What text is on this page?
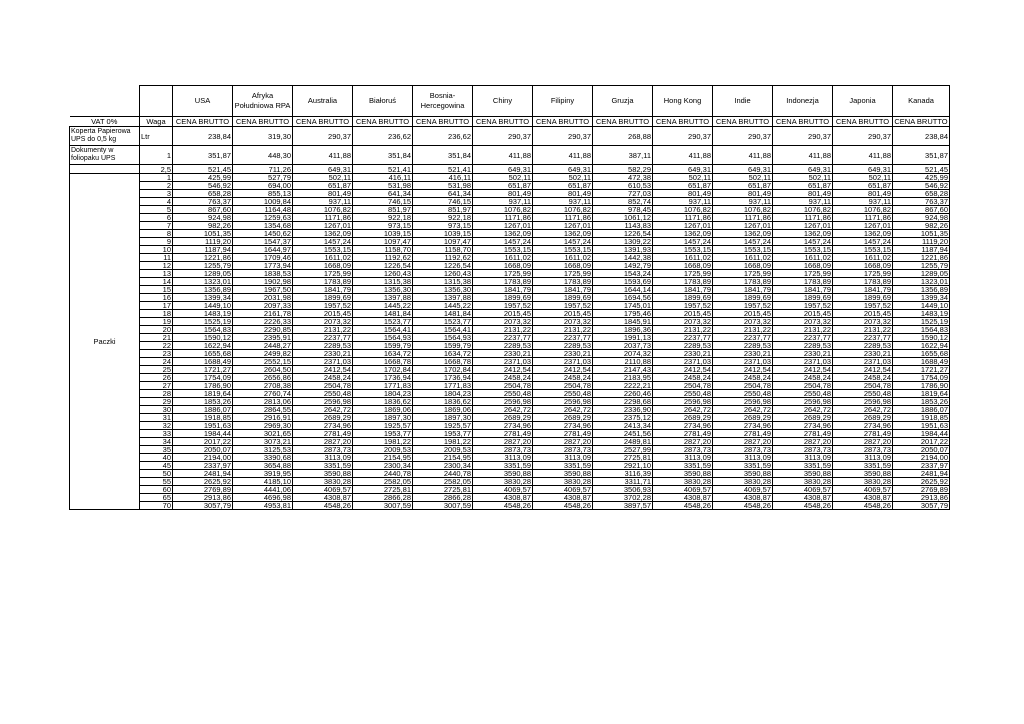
		USA	Afryka Południowa RPA	Australia	Białoruś	Bosnia-Hercegowina	Chiny	Filipiny	Gruzja	Hong Kong	Indie	Indonezja	Japonia	Kanada
VAT 0%	Waga	CENA BRUTTO	CENA BRUTTO	CENA BRUTTO	CENA BRUTTO	CENA BRUTTO	CENA BRUTTO	CENA BRUTTO	CENA BRUTTO	CENA BRUTTO	CENA BRUTTO	CENA BRUTTO	CENA BRUTTO	CENA BRUTTO
Koperta Papierowa UPS do 0,5 kg	Ltr	238,84	319,30	290,37	236,62	236,62	290,37	290,37	268,88	290,37	290,37	290,37	290,37	238,84
Dokumenty w foliopaku UPS	1	351,87	448,30	411,88	351,84	351,84	411,88	411,88	387,11	411,88	411,88	411,88	411,88	351,87
	2,5	521,45	711,26	649,31	521,41	521,41	649,31	649,31	582,29	649,31	649,31	649,31	649,31	521,45
Paczki	1	425,99	527,79	502,11	416,11	416,11	502,11	502,11	472,38	502,11	502,11	502,11	502,11	425,99
	2	546,92	694,00	651,87	531,98	531,98	651,87	651,87	610,53	651,87	651,87	651,87	651,87	546,92
	3	658,28	855,13	801,49	641,34	641,34	801,49	801,49	727,03	801,49	801,49	801,49	801,49	658,28
	4	763,37	1009,84	937,11	746,15	746,15	937,11	937,11	852,74	937,11	937,11	937,11	937,11	763,37
	5	867,60	1164,48	1076,82	851,97	851,97	1076,82	1076,82	978,45	1076,82	1076,82	1076,82	1076,82	867,60
	6	924,98	1259,63	1171,86	922,18	922,18	1171,86	1171,86	1061,12	1171,86	1171,86	1171,86	1171,86	924,98
	7	982,26	1354,68	1267,01	973,15	973,15	1267,01	1267,01	1143,83	1267,01	1267,01	1267,01	1267,01	982,26
	8	1051,35	1450,62	1362,09	1039,15	1039,15	1362,09	1362,09	1226,54	1362,09	1362,09	1362,09	1362,09	1051,35
	9	1119,20	1547,37	1457,24	1097,47	1097,47	1457,24	1457,24	1309,22	1457,24	1457,24	1457,24	1457,24	1119,20
	10	1187,94	1644,97	1553,15	1158,70	1158,70	1553,15	1553,15	1391,93	1553,15	1553,15	1553,15	1553,15	1187,94
	11	1221,86	1709,46	1611,02	1192,62	1192,62	1611,02	1611,02	1442,38	1611,02	1611,02	1611,02	1611,02	1221,86
	12	1255,79	1773,94	1668,09	1226,54	1226,54	1668,09	1668,09	1492,79	1668,09	1668,09	1668,09	1668,09	1255,79
	13	1289,05	1838,53	1725,99	1260,43	1260,43	1725,99	1725,99	1543,24	1725,99	1725,99	1725,99	1725,99	1289,05
	14	1323,01	1902,98	1783,89	1315,38	1315,38	1783,89	1783,89	1593,69	1783,89	1783,89	1783,89	1783,89	1323,01
	15	1356,89	1967,50	1841,79	1356,30	1356,30	1841,79	1841,79	1644,14	1841,79	1841,79	1841,79	1841,79	1356,89
	16	1399,34	2031,98	1899,69	1397,88	1397,88	1899,69	1899,69	1694,56	1899,69	1899,69	1899,69	1899,69	1399,34
	17	1449,10	2097,33	1957,52	1445,22	1445,22	1957,52	1957,52	1745,01	1957,52	1957,52	1957,52	1957,52	1449,10
	18	1483,19	2161,78	2015,45	1481,84	1481,84	2015,45	2015,45	1795,46	2015,45	2015,45	2015,45	2015,45	1483,19
	19	1525,19	2226,33	2073,32	1523,77	1523,77	2073,32	2073,32	1845,91	2073,32	2073,32	2073,32	2073,32	1525,19
	20	1564,83	2290,85	2131,22	1564,41	1564,41	2131,22	2131,22	1896,36	2131,22	2131,22	2131,22	2131,22	1564,83
	21	1590,12	2395,91	2237,77	1564,93	1564,93	2237,77	2237,77	1991,13	2237,77	2237,77	2237,77	2237,77	1590,12
	22	1622,94	2448,27	2289,53	1599,79	1599,79	2289,53	2289,53	2037,73	2289,53	2289,53	2289,53	2289,53	1622,94
	23	1655,68	2499,82	2330,21	1634,72	1634,72	2330,21	2330,21	2074,32	2330,21	2330,21	2330,21	2330,21	1655,68
	24	1688,49	2552,15	2371,03	1668,78	1668,78	2371,03	2371,03	2110,88	2371,03	2371,03	2371,03	2371,03	1688,49
	25	1721,27	2604,50	2412,54	1702,84	1702,84	2412,54	2412,54	2147,43	2412,54	2412,54	2412,54	2412,54	1721,27
	26	1754,09	2656,86	2458,24	1736,94	1736,94	2458,24	2458,24	2183,95	2458,24	2458,24	2458,24	2458,24	1754,09
	27	1786,90	2708,38	2504,78	1771,83	1771,83	2504,78	2504,78	2222,21	2504,78	2504,78	2504,78	2504,78	1786,90
	28	1819,64	2760,74	2550,48	1804,23	1804,23	2550,48	2550,48	2260,46	2550,48	2550,48	2550,48	2550,48	1819,64
	29	1853,26	2813,06	2596,98	1836,62	1836,62	2596,98	2596,98	2298,68	2596,98	2596,98	2596,98	2596,98	1853,26
	30	1886,07	2864,55	2642,72	1869,06	1869,06	2642,72	2642,72	2336,90	2642,72	2642,72	2642,72	2642,72	1886,07
	31	1918,85	2916,91	2689,29	1897,30	1897,30	2689,29	2689,29	2375,12	2689,29	2689,29	2689,29	2689,29	1918,85
	32	1951,63	2969,30	2734,96	1925,57	1925,57	2734,96	2734,96	2413,34	2734,96	2734,96	2734,96	2734,96	1951,63
	33	1984,44	3021,65	2781,49	1953,77	1953,77	2781,49	2781,49	2451,56	2781,49	2781,49	2781,49	2781,49	1984,44
	34	2017,22	3073,21	2827,20	1981,22	1981,22	2827,20	2827,20	2489,81	2827,20	2827,20	2827,20	2827,20	2017,22
	35	2050,07	3125,53	2873,73	2009,53	2009,53	2873,73	2873,73	2527,99	2873,73	2873,73	2873,73	2873,73	2050,07
	40	2194,00	3390,68	3113,09	2154,95	2154,95	3113,09	3113,09	2725,81	3113,09	3113,09	3113,09	3113,09	2194,00
	45	2337,97	3654,88	3351,59	2300,34	2300,34	3351,59	3351,59	2921,10	3351,59	3351,59	3351,59	3351,59	2337,97
	50	2481,94	3919,95	3590,88	2440,78	2440,78	3590,88	3590,88	3116,39	3590,88	3590,88	3590,88	3590,88	2481,94
	55	2625,92	4185,10	3830,28	2582,05	2582,05	3830,28	3830,28	3311,71	3830,28	3830,28	3830,28	3830,28	2625,92
	60	2769,89	4441,06	4069,57	2725,81	2725,81	4069,57	4069,57	3506,93	4069,57	4069,57	4069,57	4069,57	2769,89
	65	2913,86	4696,98	4308,87	2866,28	2866,28	4308,87	4308,87	3702,28	4308,87	4308,87	4308,87	4308,87	2913,86
	70	3057,79	4953,81	4548,26	3007,59	3007,59	4548,26	4548,26	3897,57	4548,26	4548,26	4548,26	4548,26	3057,79
